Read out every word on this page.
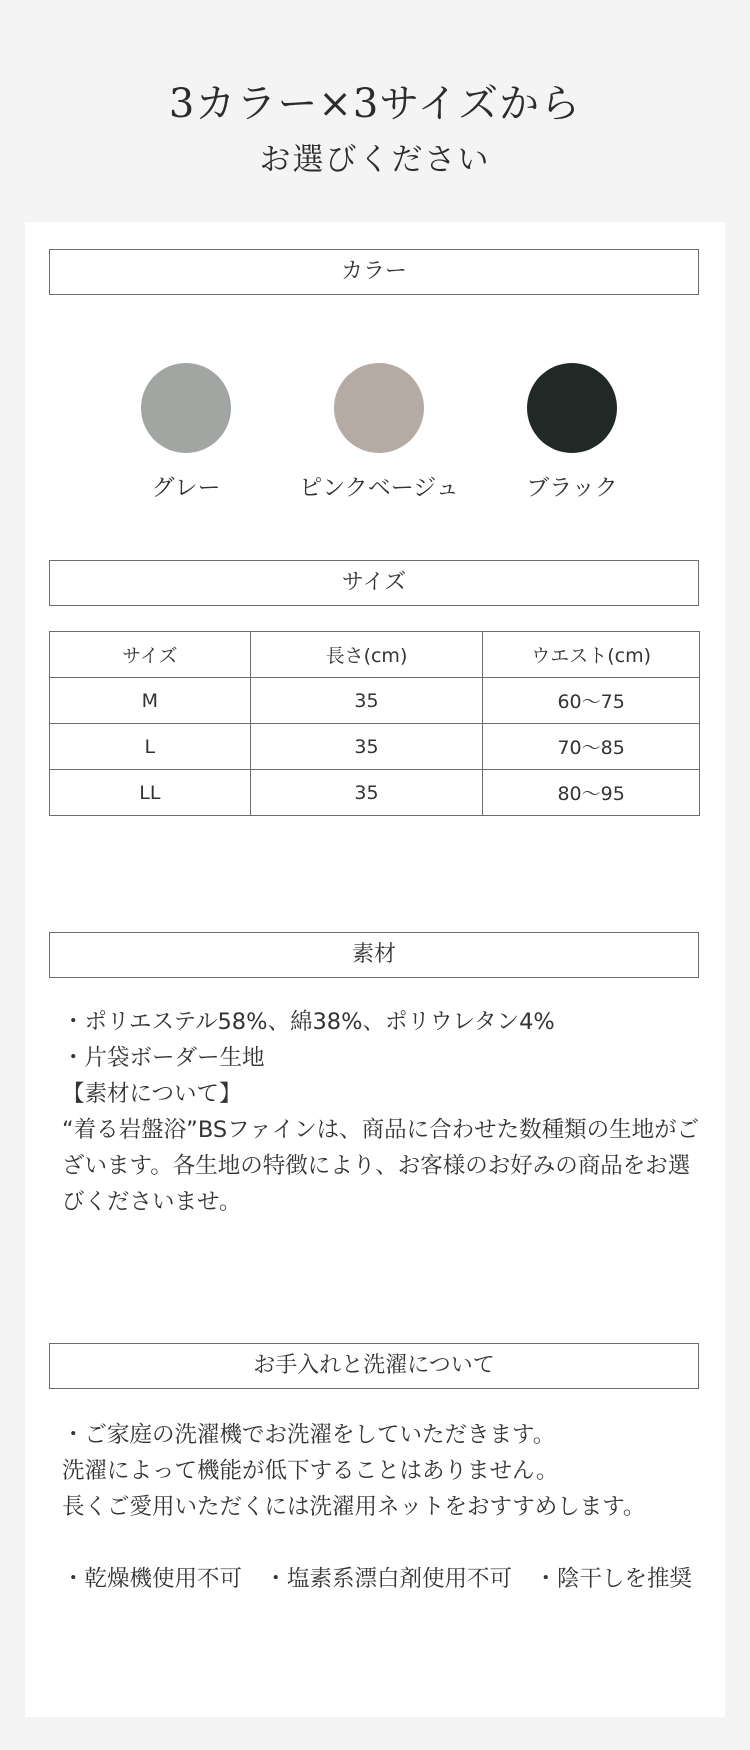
3カラー×3サイズから
お選びください
カラー
グレー	ピンクベージュ	ブラック
サイズ
サイズ	長さ(cm)	ウエスト(cm)
M	35	60〜75
L	35	70〜85
LL	35	80〜95
素材

・ポリエステル58%、綿38%、ポリウレタン4%

・片袋ボーダー生地

【素材について】

“着る岩盤浴”BSファインは、商品に合わせた数種類の生地がございます。各生地の特徴により、お客様のお好みの商品をお選びくださいませ。

お手入れと洗濯について

・ご家庭の洗濯機でお洗濯をしていただきます。

洗濯によって機能が低下することはありません。

長くご愛用いただくには洗濯用ネットをおすすめします。

・乾燥機使用不可　・塩素系漂白剤使用不可　・陰干しを推奨
